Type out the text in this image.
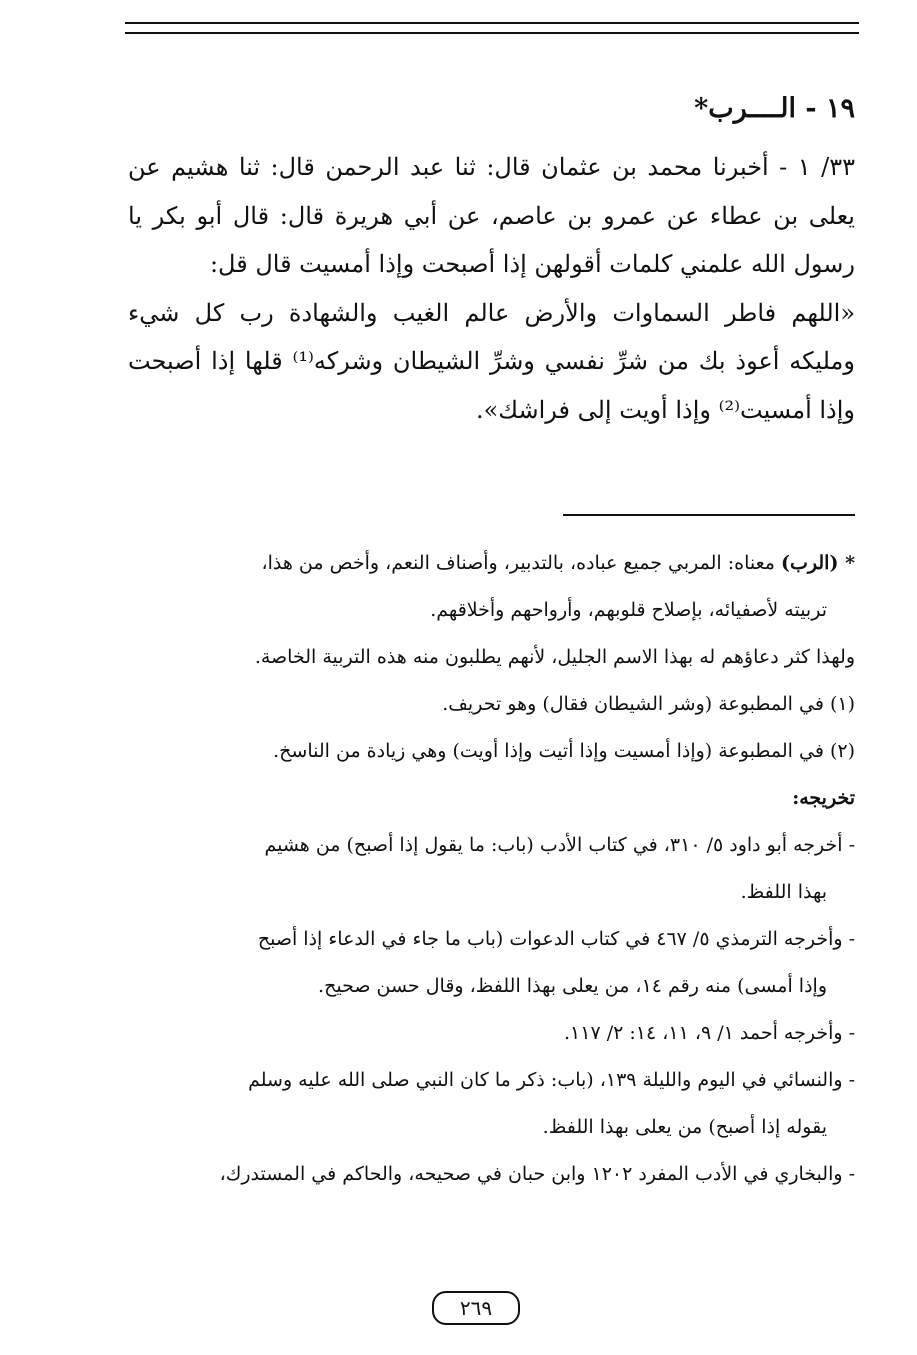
١٩ - الــــرب*

٣٣/ ١ - أخبرنا محمد بن عثمان قال: ثنا عبد الرحمن قال: ثنا هشيم عن يعلى بن عطاء عن عمرو بن عاصم، عن أبي هريرة قال: قال أبو بكر يا رسول الله علمني كلمات أقولهن إذا أصبحت وإذا أمسيت قال قل:

«اللهم فاطر السماوات والأرض عالم الغيب والشهادة رب كل شيء ومليكه أعوذ بك من شرِّ نفسي وشرِّ الشيطان وشركه⁽¹⁾ قلها إذا أصبحت وإذا أمسيت⁽²⁾ وإذا أويت إلى فراشك».

* (الرب) معناه: المربي جميع عباده، بالتدبير، وأصناف النعم، وأخص من هذا،

تربيته لأصفيائه، بإصلاح قلوبهم، وأرواحهم وأخلاقهم.

ولهذا كثر دعاؤهم له بهذا الاسم الجليل، لأنهم يطلبون منه هذه التربية الخاصة.

(١) في المطبوعة (وشر الشيطان فقال) وهو تحريف.

(٢) في المطبوعة (وإذا أمسيت وإذا أتيت وإذا أويت) وهي زيادة من الناسخ.

تخريجه:

- أخرجه أبو داود ٥/ ٣١٠، في كتاب الأدب (باب: ما يقول إذا أصبح) من هشيم

بهذا اللفظ.

- وأخرجه الترمذي ٥/ ٤٦٧ في كتاب الدعوات (باب ما جاء في الدعاء إذا أصبح

وإذا أمسى) منه رقم ١٤، من يعلى بهذا اللفظ، وقال حسن صحيح.

- وأخرجه أحمد ١/ ٩، ١١، ١٤: ٢/ ١١٧.

- والنسائي في اليوم والليلة ١٣٩، (باب: ذكر ما كان النبي صلى الله عليه وسلم

يقوله إذا أصبح) من يعلى بهذا اللفظ.

- والبخاري في الأدب المفرد ١٢٠٢ وابن حبان في صحيحه، والحاكم في المستدرك،

٢٦٩
